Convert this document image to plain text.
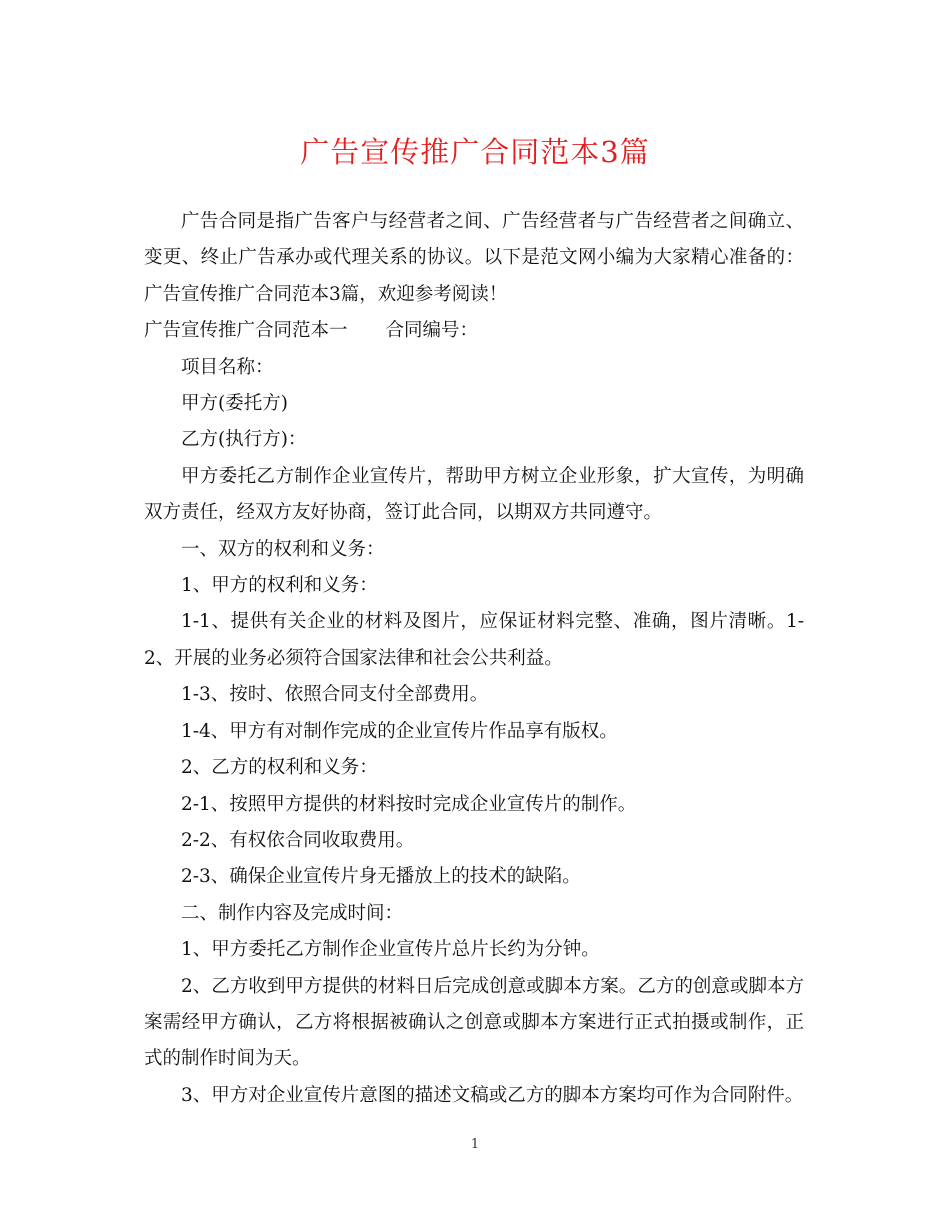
广告宣传推广合同范本3篇

广告合同是指广告客户与经营者之间、广告经营者与广告经营者之间确立、变更、终止广告承办或代理关系的协议。以下是范文网小编为大家精心准备的：广告宣传推广合同范本3篇，欢迎参考阅读！

广告宣传推广合同范本一 合同编号：

项目名称：

甲方(委托方)

乙方(执行方)：

甲方委托乙方制作企业宣传片，帮助甲方树立企业形象，扩大宣传，为明确双方责任，经双方友好协商，签订此合同，以期双方共同遵守。

一、双方的权利和义务：

1、甲方的权利和义务：

1-1、提供有关企业的材料及图片，应保证材料完整、准确，图片清晰。1-2、开展的业务必须符合国家法律和社会公共利益。

1-3、按时、依照合同支付全部费用。

1-4、甲方有对制作完成的企业宣传片作品享有版权。

2、乙方的权利和义务：

2-1、按照甲方提供的材料按时完成企业宣传片的制作。

2-2、有权依合同收取费用。

2-3、确保企业宣传片身无播放上的技术的缺陷。

二、制作内容及完成时间：

1、甲方委托乙方制作企业宣传片总片长约为分钟。

2、乙方收到甲方提供的材料日后完成创意或脚本方案。乙方的创意或脚本方案需经甲方确认，乙方将根据被确认之创意或脚本方案进行正式拍摄或制作，正式的制作时间为天。

3、甲方对企业宣传片意图的描述文稿或乙方的脚本方案均可作为合同附件。

1
